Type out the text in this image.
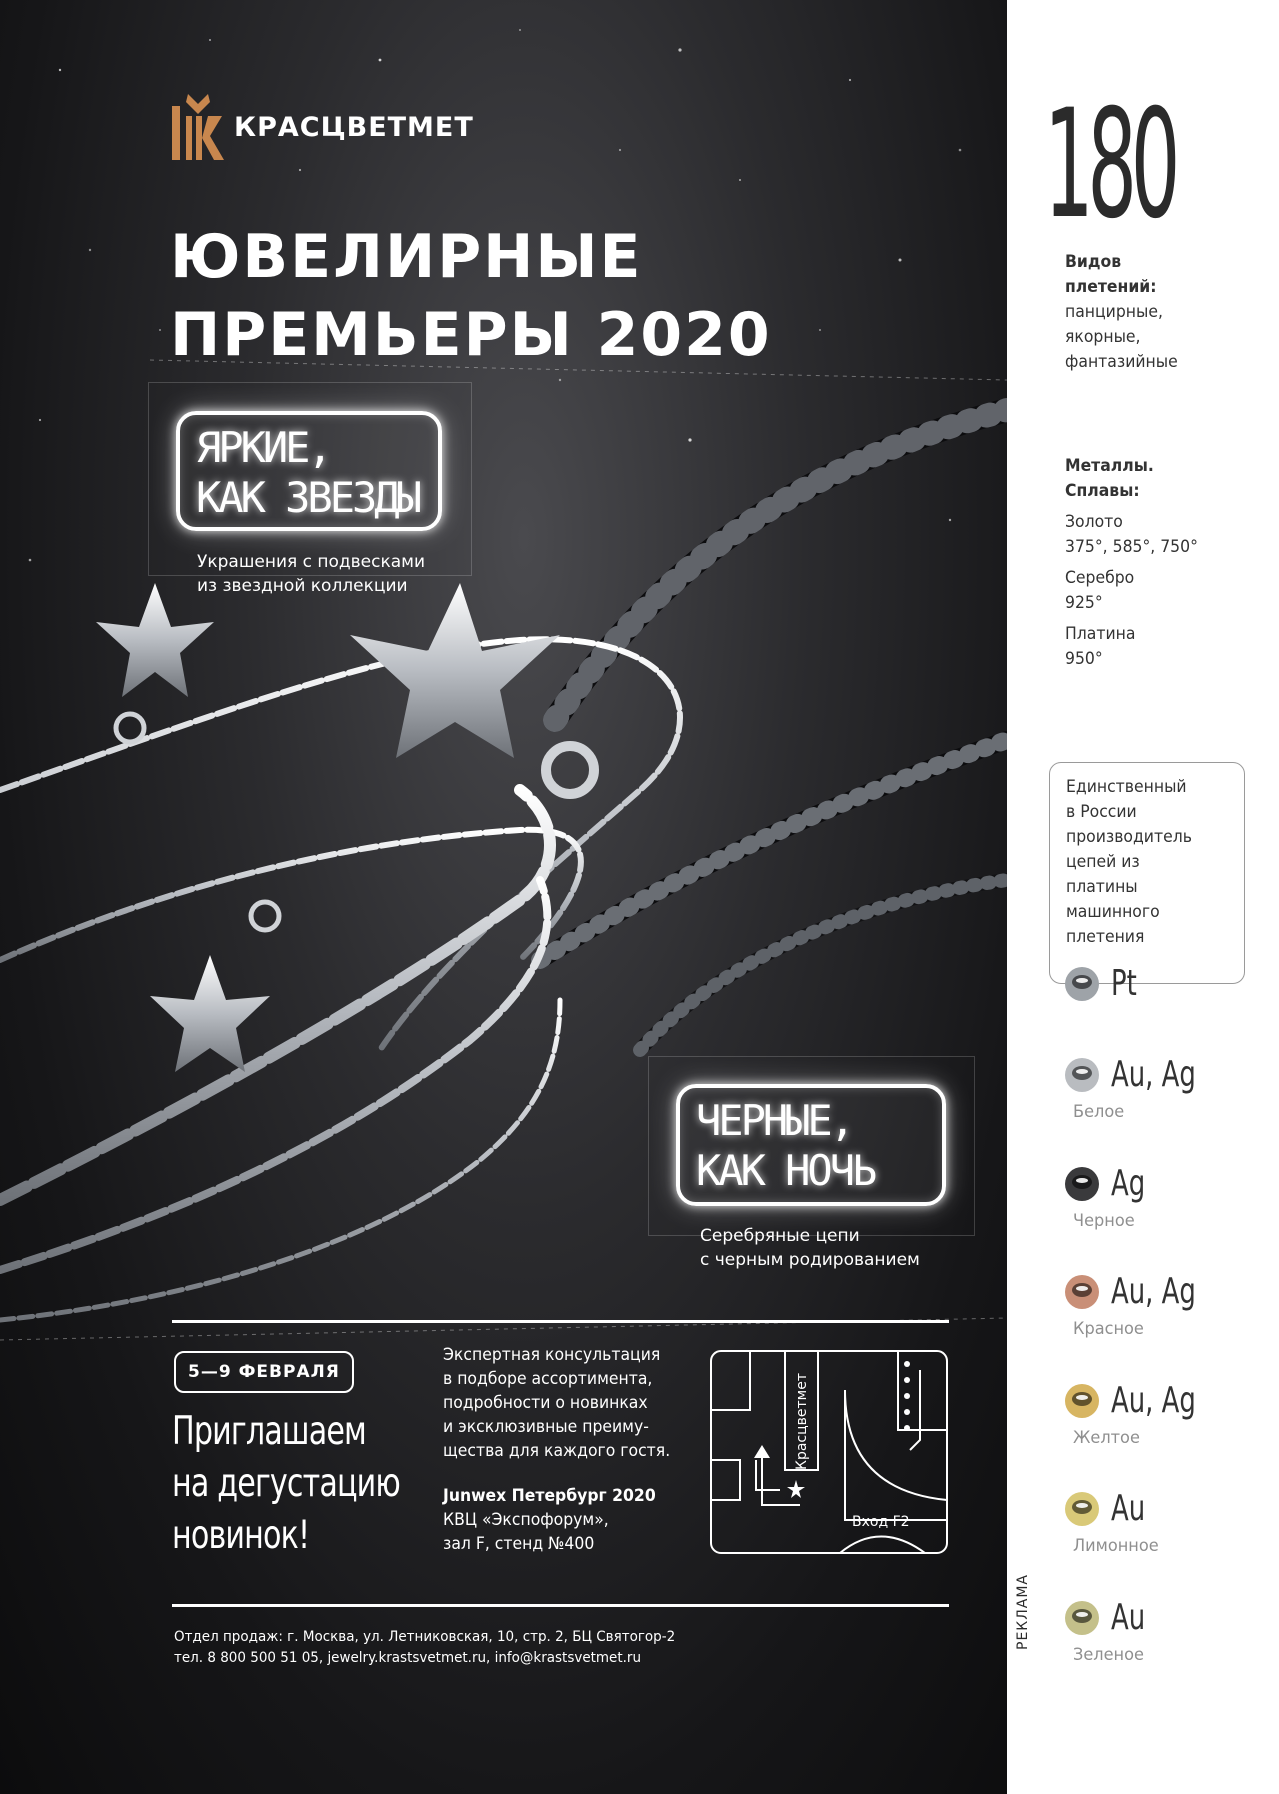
КРАСЦВЕТМЕТ
ЮВЕЛИРНЫЕ
ПРЕМЬЕРЫ 2020
ЯРКИЕ,
КАК ЗВЕЗДЫ
Украшения с подвесками
из звездной коллекции
ЧЕРНЫЕ,
КАК НОЧЬ
Серебряные цепи
с черным родированием
5—9 ФЕВРАЛЯ
Приглашаем
на дегустацию
новинок!
Экспертная консультация
в подборе ассортимента,
подробности о новинках
и эксклюзивные преиму-
щества для каждого гостя.
Junwex Петербург 2020
КВЦ «Экспофорум»,
зал F, стенд №400
Красцветмет
Вход F2
Отдел продаж: г. Москва, ул. Летниковская, 10, стр. 2, БЦ Святогор-2
тел. 8 800 500 51 05, jewelry.krastsvetmet.ru, info@krastsvetmet.ru
180
Видов
плетений:
панцирные,
якорные,
фантазийные
Металлы.
Сплавы:
Золото
375°, 585°, 750°
Серебро
925°
Платина
950°
Единственный
в России
производитель
цепей из
платины
машинного
плетения
Pt
Au, Ag
Белое
Ag
Черное
Au, Ag
Красное
Au, Ag
Желтое
Au
Лимонное
Au
Зеленое
РЕКЛАМА
